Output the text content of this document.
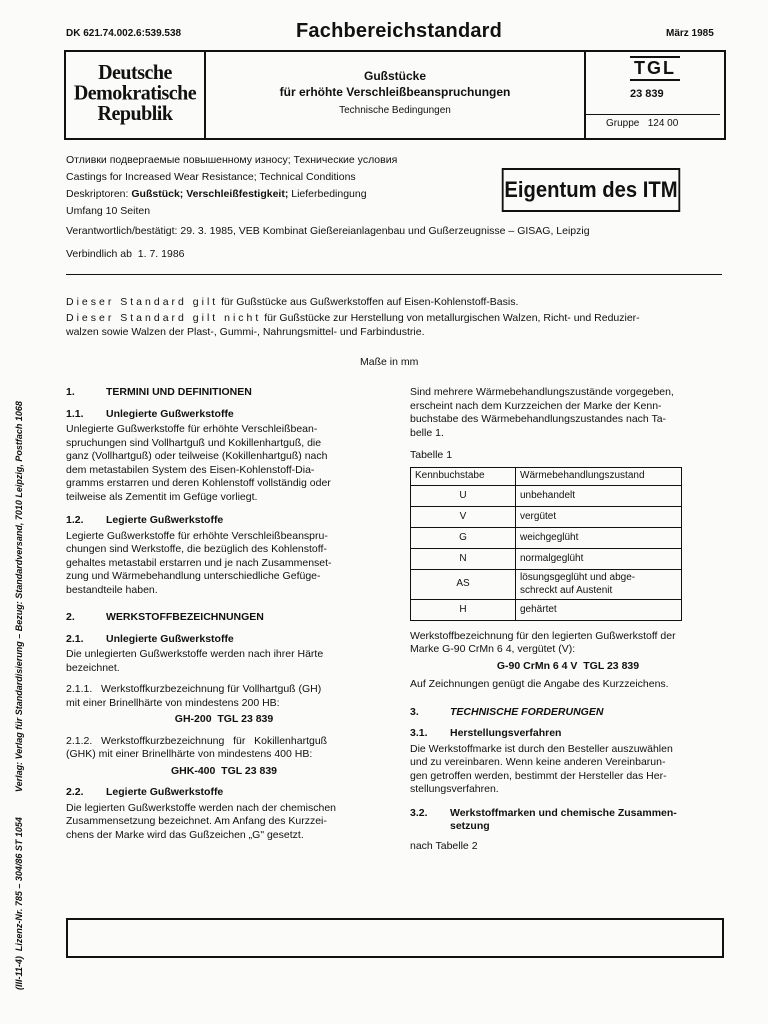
DK 621.74.002.6:539.538	Fachbereichstandard	März 1985
Deutsche
Demokratische
Republik
Gußstücke
für erhöhte Verschleißbeanspruchungen
Technische Bedingungen
TGL
23 839
Gruppe   124 00
Отливки подвергаемые повышенному износу; Технические условия
Castings for Increased Wear Resistance; Technical Conditions
Deskriptoren: Gußstück; Verschleißfestigkeit; Lieferbedingung
Umfang 10 Seiten
Verantwortlich/bestätigt: 29. 3. 1985, VEB Kombinat Gießereianlagenbau und Gußerzeugnisse – GISAG, Leipzig
Verbindlich ab  1. 7. 1986
Eigentum des ITM
(III-11-4)  Lizenz-Nr. 785 – 304/86 ST 1054          Verlag: Verlag für Standardisierung – Bezug: Standardversand, 7010 Leipzig, Postfach 1068
Dieser Standard gilt für Gußstücke aus Gußwerkstoffen auf Eisen-Kohlenstoff-Basis.
Dieser Standard gilt nicht für Gußstücke zur Herstellung von metallurgischen Walzen, Richt- und Reduzier-
walzen sowie Walzen der Plast-, Gummi-, Nahrungsmittel- und Farbindustrie.
Maße in mm
1.	TERMINI UND DEFINITIONEN
1.1. Unlegierte Gußwerkstoffe

Unlegierte Gußwerkstoffe für erhöhte Verschleißbean-

spruchungen sind Vollhartguß und Kokillenhartguß, die

ganz (Vollhartguß) oder teilweise (Kokillenhartguß) nach

dem metastabilen System des Eisen-Kohlenstoff-Dia-

gramms erstarren und deren Kohlenstoff vollständig oder

teilweise als Zementit im Gefüge vorliegt.

1.2. Legierte Gußwerkstoffe

Legierte Gußwerkstoffe für erhöhte Verschleißbeanspru-

chungen sind Werkstoffe, die bezüglich des Kohlenstoff-

gehaltes metastabil erstarren und je nach Zusammenset-

zung und Wärmebehandlung unterschiedliche Gefüge-

bestandteile haben.

2.	WERKSTOFFBEZEICHNUNGEN
2.1. Unlegierte Gußwerkstoffe

Die unlegierten Gußwerkstoffe werden nach ihrer Härte

bezeichnet.

2.1.1.   Werkstoffkurzbezeichnung für Vollhartguß (GH)

mit einer Brinellhärte von mindestens 200 HB:

GH-200  TGL 23 839

2.1.2.   Werkstoffkurzbezeichnung   für   Kokillenhartguß

(GHK) mit einer Brinellhärte von mindestens 400 HB:

GHK-400  TGL 23 839

2.2. Legierte Gußwerkstoffe

Die legierten Gußwerkstoffe werden nach der chemischen

Zusammensetzung bezeichnet. Am Anfang des Kurzzei-

chens der Marke wird das Gußzeichen „G" gesetzt.

Sind mehrere Wärmebehandlungszustände vorgegeben,

erscheint nach dem Kurzzeichen der Marke der Kenn-

buchstabe des Wärmebehandlungszustandes nach Ta-

belle 1.

Tabelle 1
Kennbuchstabe	Wärmebehandlungszustand
U	unbehandelt
V	vergütet
G	weichgeglüht
N	normalgeglüht
AS	lösungsgeglüht und abge-
schreckt auf Austenit
H	gehärtet

Werkstoffbezeichnung für den legierten Gußwerkstoff der

Marke G-90 CrMn 6 4, vergütet (V):

G-90 CrMn 6 4 V  TGL 23 839

Auf Zeichnungen genügt die Angabe des Kurzzeichens.

3.	TECHNISCHE FORDERUNGEN
3.1. Herstellungsverfahren

Die Werkstoffmarke ist durch den Besteller auszuwählen

und zu vereinbaren. Wenn keine anderen Vereinbarun-

gen getroffen werden, bestimmt der Hersteller das Her-

stellungsverfahren.

3.2.	Werkstoffmarken und chemische Zusammen-
setzung

nach Tabelle 2
